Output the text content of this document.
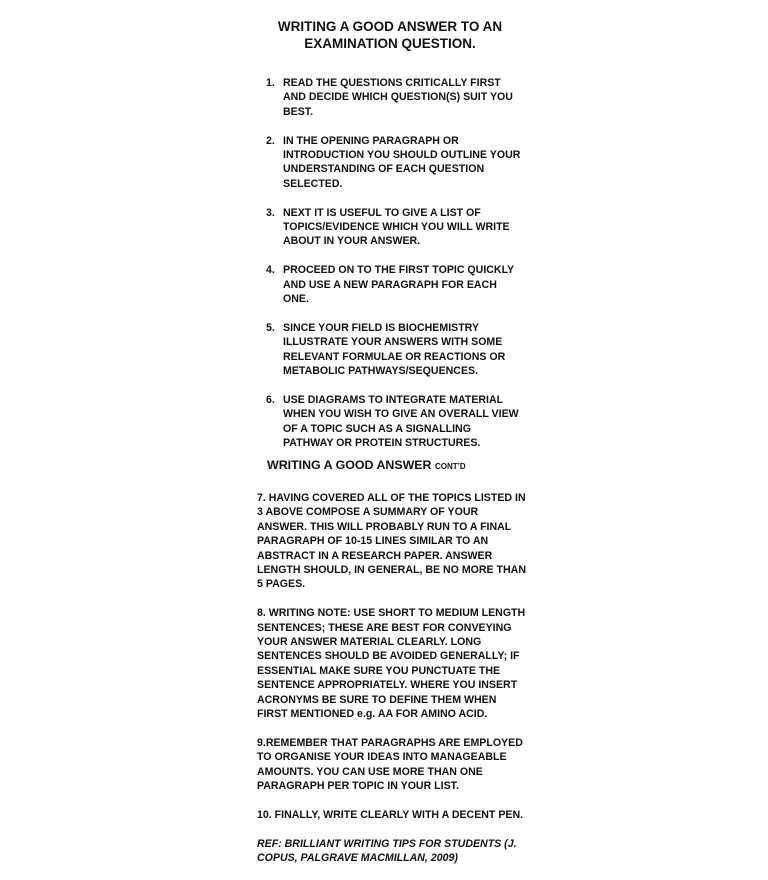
WRITING A GOOD ANSWER TO AN
EXAMINATION QUESTION.
1. READ THE QUESTIONS CRITICALLY FIRST AND DECIDE WHICH QUESTION(S) SUIT YOU BEST.
2. IN THE OPENING PARAGRAPH OR INTRODUCTION YOU SHOULD OUTLINE YOUR UNDERSTANDING OF EACH QUESTION SELECTED.
3. NEXT IT IS USEFUL TO GIVE A LIST OF TOPICS/EVIDENCE WHICH YOU WILL WRITE ABOUT IN YOUR ANSWER.
4. PROCEED ON TO THE FIRST TOPIC QUICKLY AND USE A NEW PARAGRAPH FOR EACH ONE.
5. SINCE YOUR FIELD IS BIOCHEMISTRY ILLUSTRATE YOUR ANSWERS WITH SOME RELEVANT FORMULAE OR REACTIONS OR METABOLIC PATHWAYS/SEQUENCES.
6. USE DIAGRAMS TO INTEGRATE MATERIAL WHEN YOU WISH TO GIVE AN OVERALL VIEW OF A TOPIC SUCH AS A SIGNALLING PATHWAY OR PROTEIN STRUCTURES.
WRITING A GOOD ANSWER CONT’D

7. HAVING COVERED ALL OF THE TOPICS LISTED IN 3 ABOVE COMPOSE A SUMMARY OF YOUR ANSWER. THIS WILL PROBABLY RUN TO A FINAL PARAGRAPH OF 10-15 LINES SIMILAR TO AN ABSTRACT IN A RESEARCH PAPER. ANSWER LENGTH SHOULD, IN GENERAL, BE NO MORE THAN 5 PAGES.

8. WRITING NOTE: USE SHORT TO MEDIUM LENGTH SENTENCES; THESE ARE BEST FOR CONVEYING YOUR ANSWER MATERIAL CLEARLY. LONG SENTENCES SHOULD BE AVOIDED GENERALLY; IF ESSENTIAL MAKE SURE YOU PUNCTUATE THE SENTENCE APPROPRIATELY. WHERE YOU INSERT ACRONYMS BE SURE TO DEFINE THEM WHEN FIRST MENTIONED e.g. AA FOR AMINO ACID.

9.REMEMBER THAT PARAGRAPHS ARE EMPLOYED TO ORGANISE YOUR IDEAS INTO MANAGEABLE AMOUNTS. YOU CAN USE MORE THAN ONE PARAGRAPH PER TOPIC IN YOUR LIST.

10. FINALLY, WRITE CLEARLY WITH A DECENT PEN.

REF: BRILLIANT WRITING TIPS FOR STUDENTS (J. COPUS, PALGRAVE MACMILLAN, 2009)
